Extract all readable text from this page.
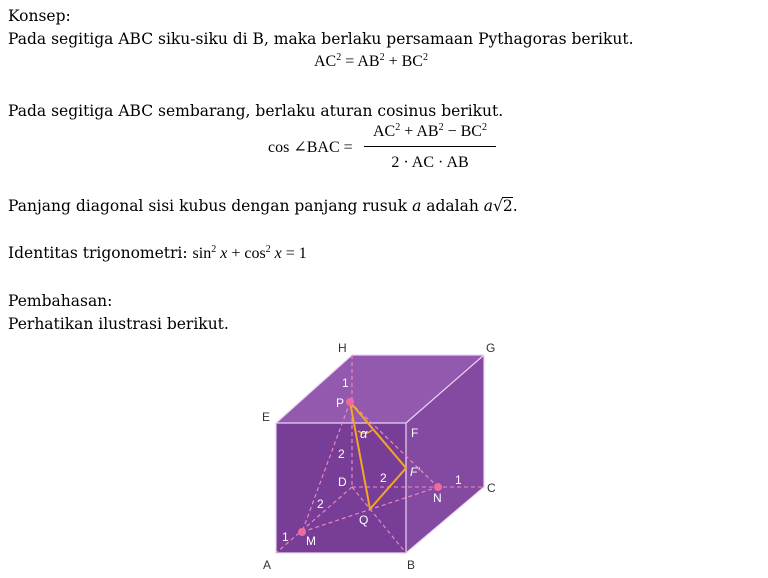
Konsep:
Pada segitiga ABC siku-siku di B, maka berlaku persamaan Pythagoras berikut.
$AC^2 = AB^2 + BC^2$
Pada segitiga ABC sembarang, berlaku aturan cosinus berikut.
cos ∠BAC =
$AC^2 + AB^2 - BC^2$
2 · AC · AB
Panjang diagonal sisi kubus dengan panjang rusuk a adalah a√2.
Identitas trigonometri: $\sin^2 x + \cos^2 x = 1$
Pembahasan:
Perhatikan ilustrasi berikut.
H	G
E
A	B
C
F
D
P
Q
M
N
F'
α
1
2
2
2
1
1
